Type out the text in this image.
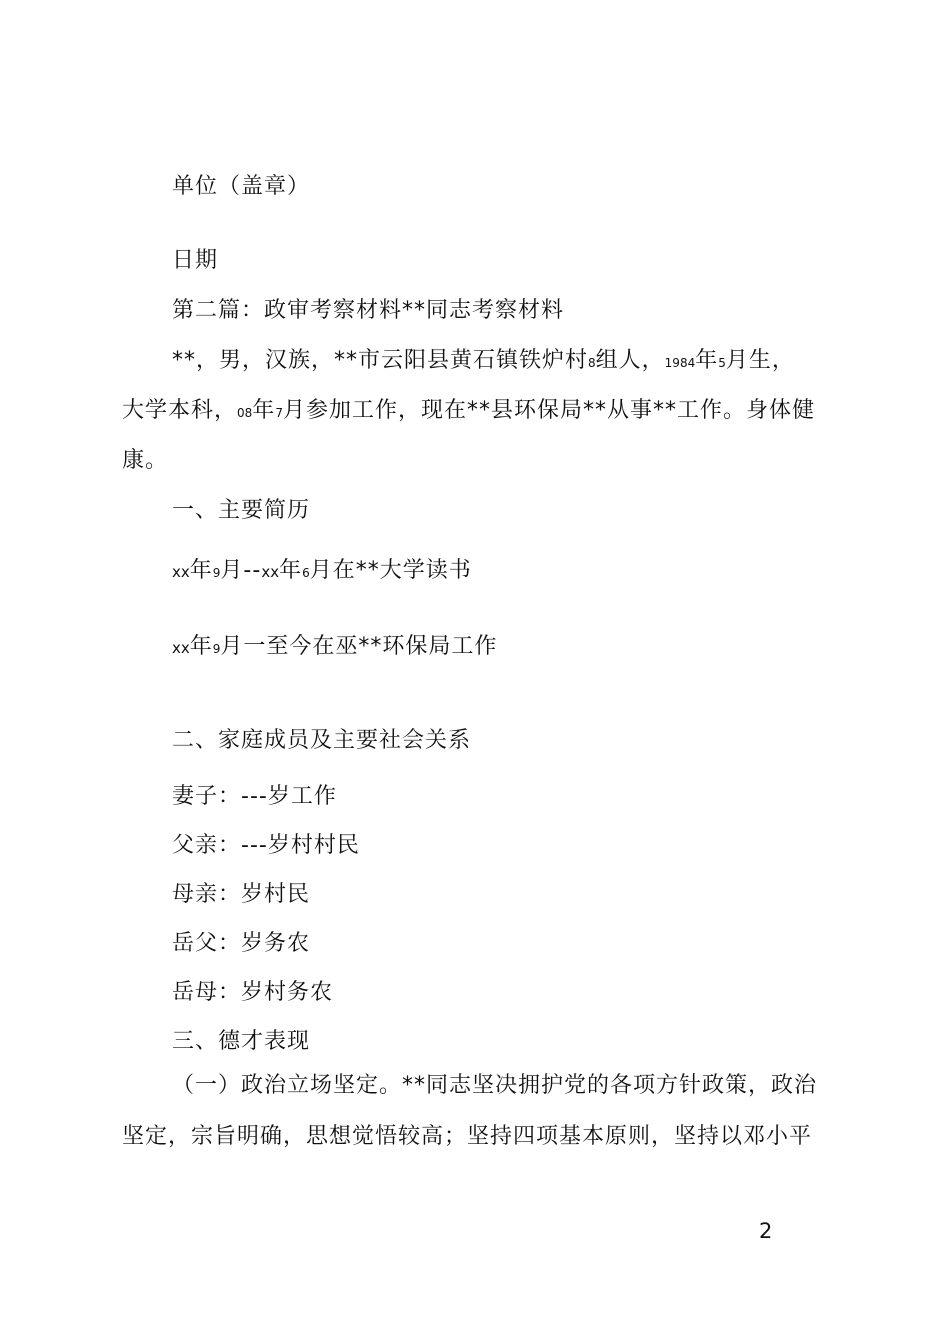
单位（盖章）
日期
第二篇：政审考察材料**同志考察材料
**，男，汉族，**市云阳县黄石镇铁炉村8组人，1984年5月生，
大学本科，08年7月参加工作，现在**县环保局**从事**工作。身体健
康。
一、主要简历
xx年9月--xx年6月在**大学读书
xx年9月一至今在巫**环保局工作
二、家庭成员及主要社会关系
妻子：---岁工作
父亲：---岁村村民
母亲：岁村民
岳父：岁务农
岳母：岁村务农
三、德才表现
（一）政治立场坚定。**同志坚决拥护党的各项方针政策，政治
坚定，宗旨明确，思想觉悟较高；坚持四项基本原则，坚持以邓小平
2
